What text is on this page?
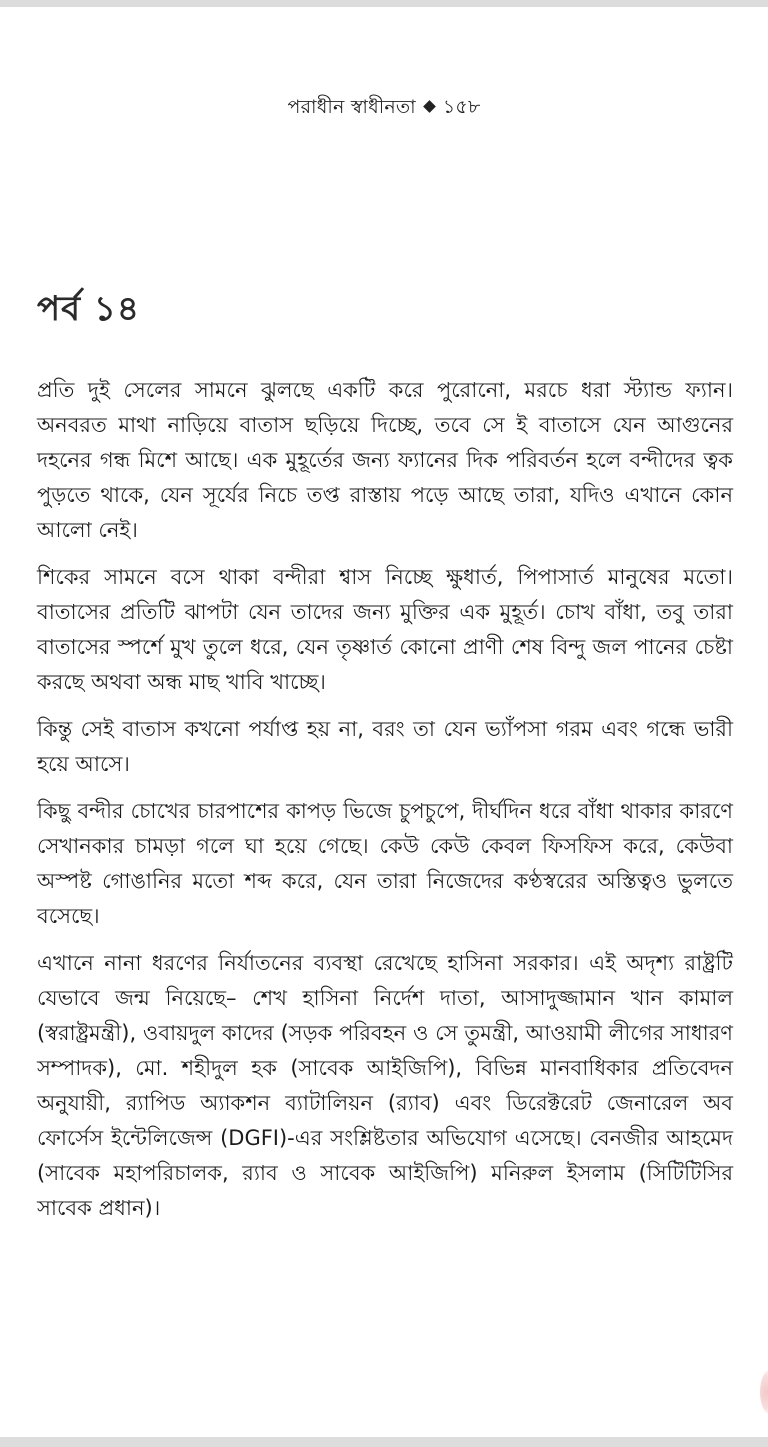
পরাধীন স্বাধীনতা ১৫৮
পর্ব ১৪

প্রতি দুই সেলের সামনে ঝুলছে একটি করে পুরোনো, মরচে ধরা স্ট্যান্ড ফ্যান। অনবরত মাথা নাড়িয়ে বাতাস ছড়িয়ে দিচ্ছে, তবে সে ই বাতাসে যেন আগুনের দহনের গন্ধ মিশে আছে। এক মুহূর্তের জন্য ফ্যানের দিক পরিবর্তন হলে বন্দীদের ত্বক পুড়তে থাকে, যেন সূর্যের নিচে তপ্ত রাস্তায় পড়ে আছে তারা, যদিও এখানে কোন আলো নেই।

শিকের সামনে বসে থাকা বন্দীরা শ্বাস নিচ্ছে ক্ষুধার্ত, পিপাসার্ত মানুষের মতো। বাতাসের প্রতিটি ঝাপটা যেন তাদের জন্য মুক্তির এক মুহূর্ত। চোখ বাঁধা, তবু তারা বাতাসের স্পর্শে মুখ তুলে ধরে, যেন তৃষ্ণার্ত কোনো প্রাণী শেষ বিন্দু জল পানের চেষ্টা করছে অথবা অন্ধ মাছ খাবি খাচ্ছে।

কিন্তু সেই বাতাস কখনো পর্যাপ্ত হয় না, বরং তা যেন ভ্যাঁপসা গরম এবং গন্ধে ভারী হয়ে আসে।

কিছু বন্দীর চোখের চারপাশের কাপড় ভিজে চুপচুপে, দীর্ঘদিন ধরে বাঁধা থাকার কারণে সেখানকার চামড়া গলে ঘা হয়ে গেছে। কেউ কেউ কেবল ফিসফিস করে, কেউবা অস্পষ্ট গোঙানির মতো শব্দ করে, যেন তারা নিজেদের কণ্ঠস্বরের অস্তিত্বও ভুলতে বসেছে।

এখানে নানা ধরণের নির্যাতনের ব্যবস্থা রেখেছে হাসিনা সরকার। এই অদৃশ্য রাষ্ট্রটি যেভাবে জন্ম নিয়েছে– শেখ হাসিনা নির্দেশ দাতা, আসাদুজ্জামান খান কামাল (স্বরাষ্ট্রমন্ত্রী), ওবায়দুল কাদের (সড়ক পরিবহন ও সে তুমন্ত্রী, আওয়ামী লীগের সাধারণ সম্পাদক), মো. শহীদুল হক (সাবেক আইজিপি), বিভিন্ন মানবাধিকার প্রতিবেদন অনুযায়ী, র‍্যাপিড অ্যাকশন ব্যাটালিয়ন (র‍্যাব) এবং ডিরেক্টরেট জেনারেল অব ফোর্সেস ইন্টেলিজেন্স (DGFI)-এর সংশ্লিষ্টতার অভিযোগ এসেছে। বেনজীর আহমেদ (সাবেক মহাপরিচালক, র‍্যাব ও সাবেক আইজিপি) মনিরুল ইসলাম (সিটিটিসির সাবেক প্রধান)।
